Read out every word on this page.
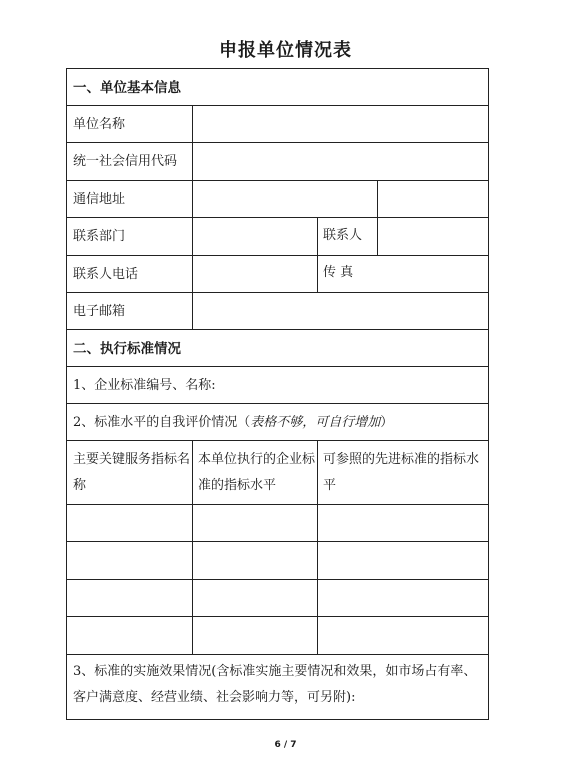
申报单位情况表
一、单位基本信息
单位名称
统一社会信用代码
通信地址
联系部门	联系人
联系人电话	传 真
电子邮箱
二、执行标准情况
1、企业标准编号、名称:
2、标准水平的自我评价情况（表格不够，可自行增加）
主要关键服务指标名称
本单位执行的企业标准的指标水平
可参照的先进标准的指标水平
3、标准的实施效果情况(含标准实施主要情况和效果，如市场占有率、客户满意度、经营业绩、社会影响力等，可另附):
6 / 7
